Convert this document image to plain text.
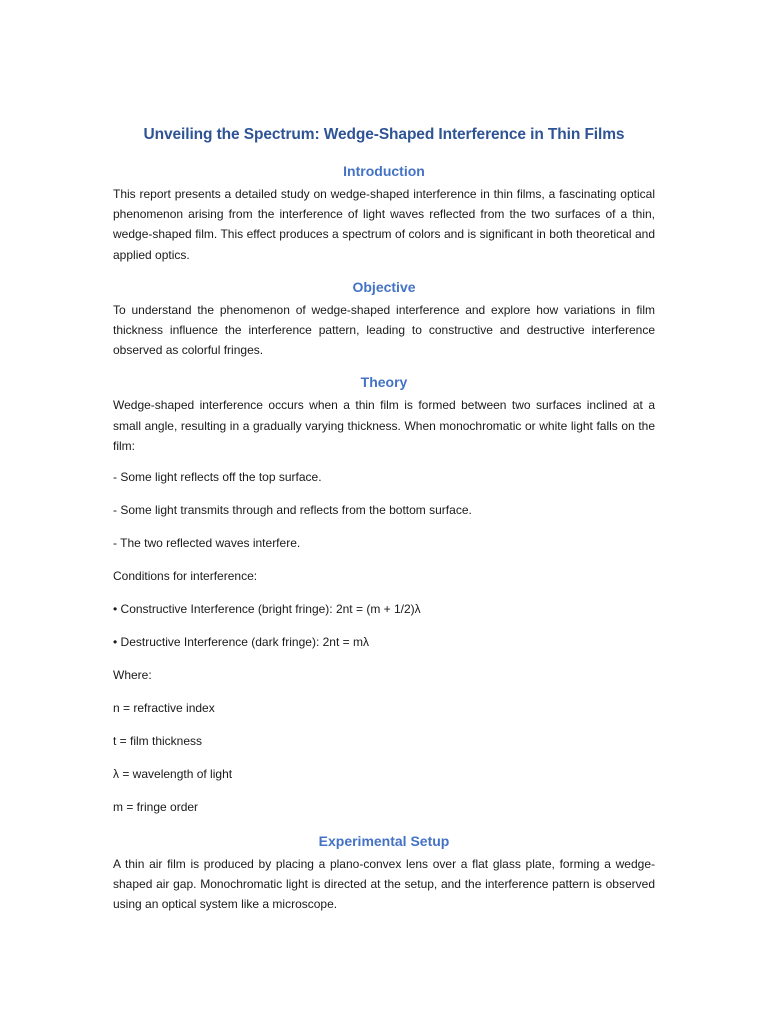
Unveiling the Spectrum: Wedge-Shaped Interference in Thin Films
Introduction

This report presents a detailed study on wedge-shaped interference in thin films, a fascinating optical phenomenon arising from the interference of light waves reflected from the two surfaces of a thin, wedge-shaped film. This effect produces a spectrum of colors and is significant in both theoretical and applied optics.

Objective

To understand the phenomenon of wedge-shaped interference and explore how variations in film thickness influence the interference pattern, leading to constructive and destructive interference observed as colorful fringes.

Theory

Wedge-shaped interference occurs when a thin film is formed between two surfaces inclined at a small angle, resulting in a gradually varying thickness. When monochromatic or white light falls on the film:

- Some light reflects off the top surface.

- Some light transmits through and reflects from the bottom surface.

- The two reflected waves interfere.

Conditions for interference:

• Constructive Interference (bright fringe): 2nt = (m + 1/2)λ

• Destructive Interference (dark fringe): 2nt = mλ

Where:

n = refractive index

t = film thickness

λ = wavelength of light

m = fringe order

Experimental Setup

A thin air film is produced by placing a plano-convex lens over a flat glass plate, forming a wedge-shaped air gap. Monochromatic light is directed at the setup, and the interference pattern is observed using an optical system like a microscope.
